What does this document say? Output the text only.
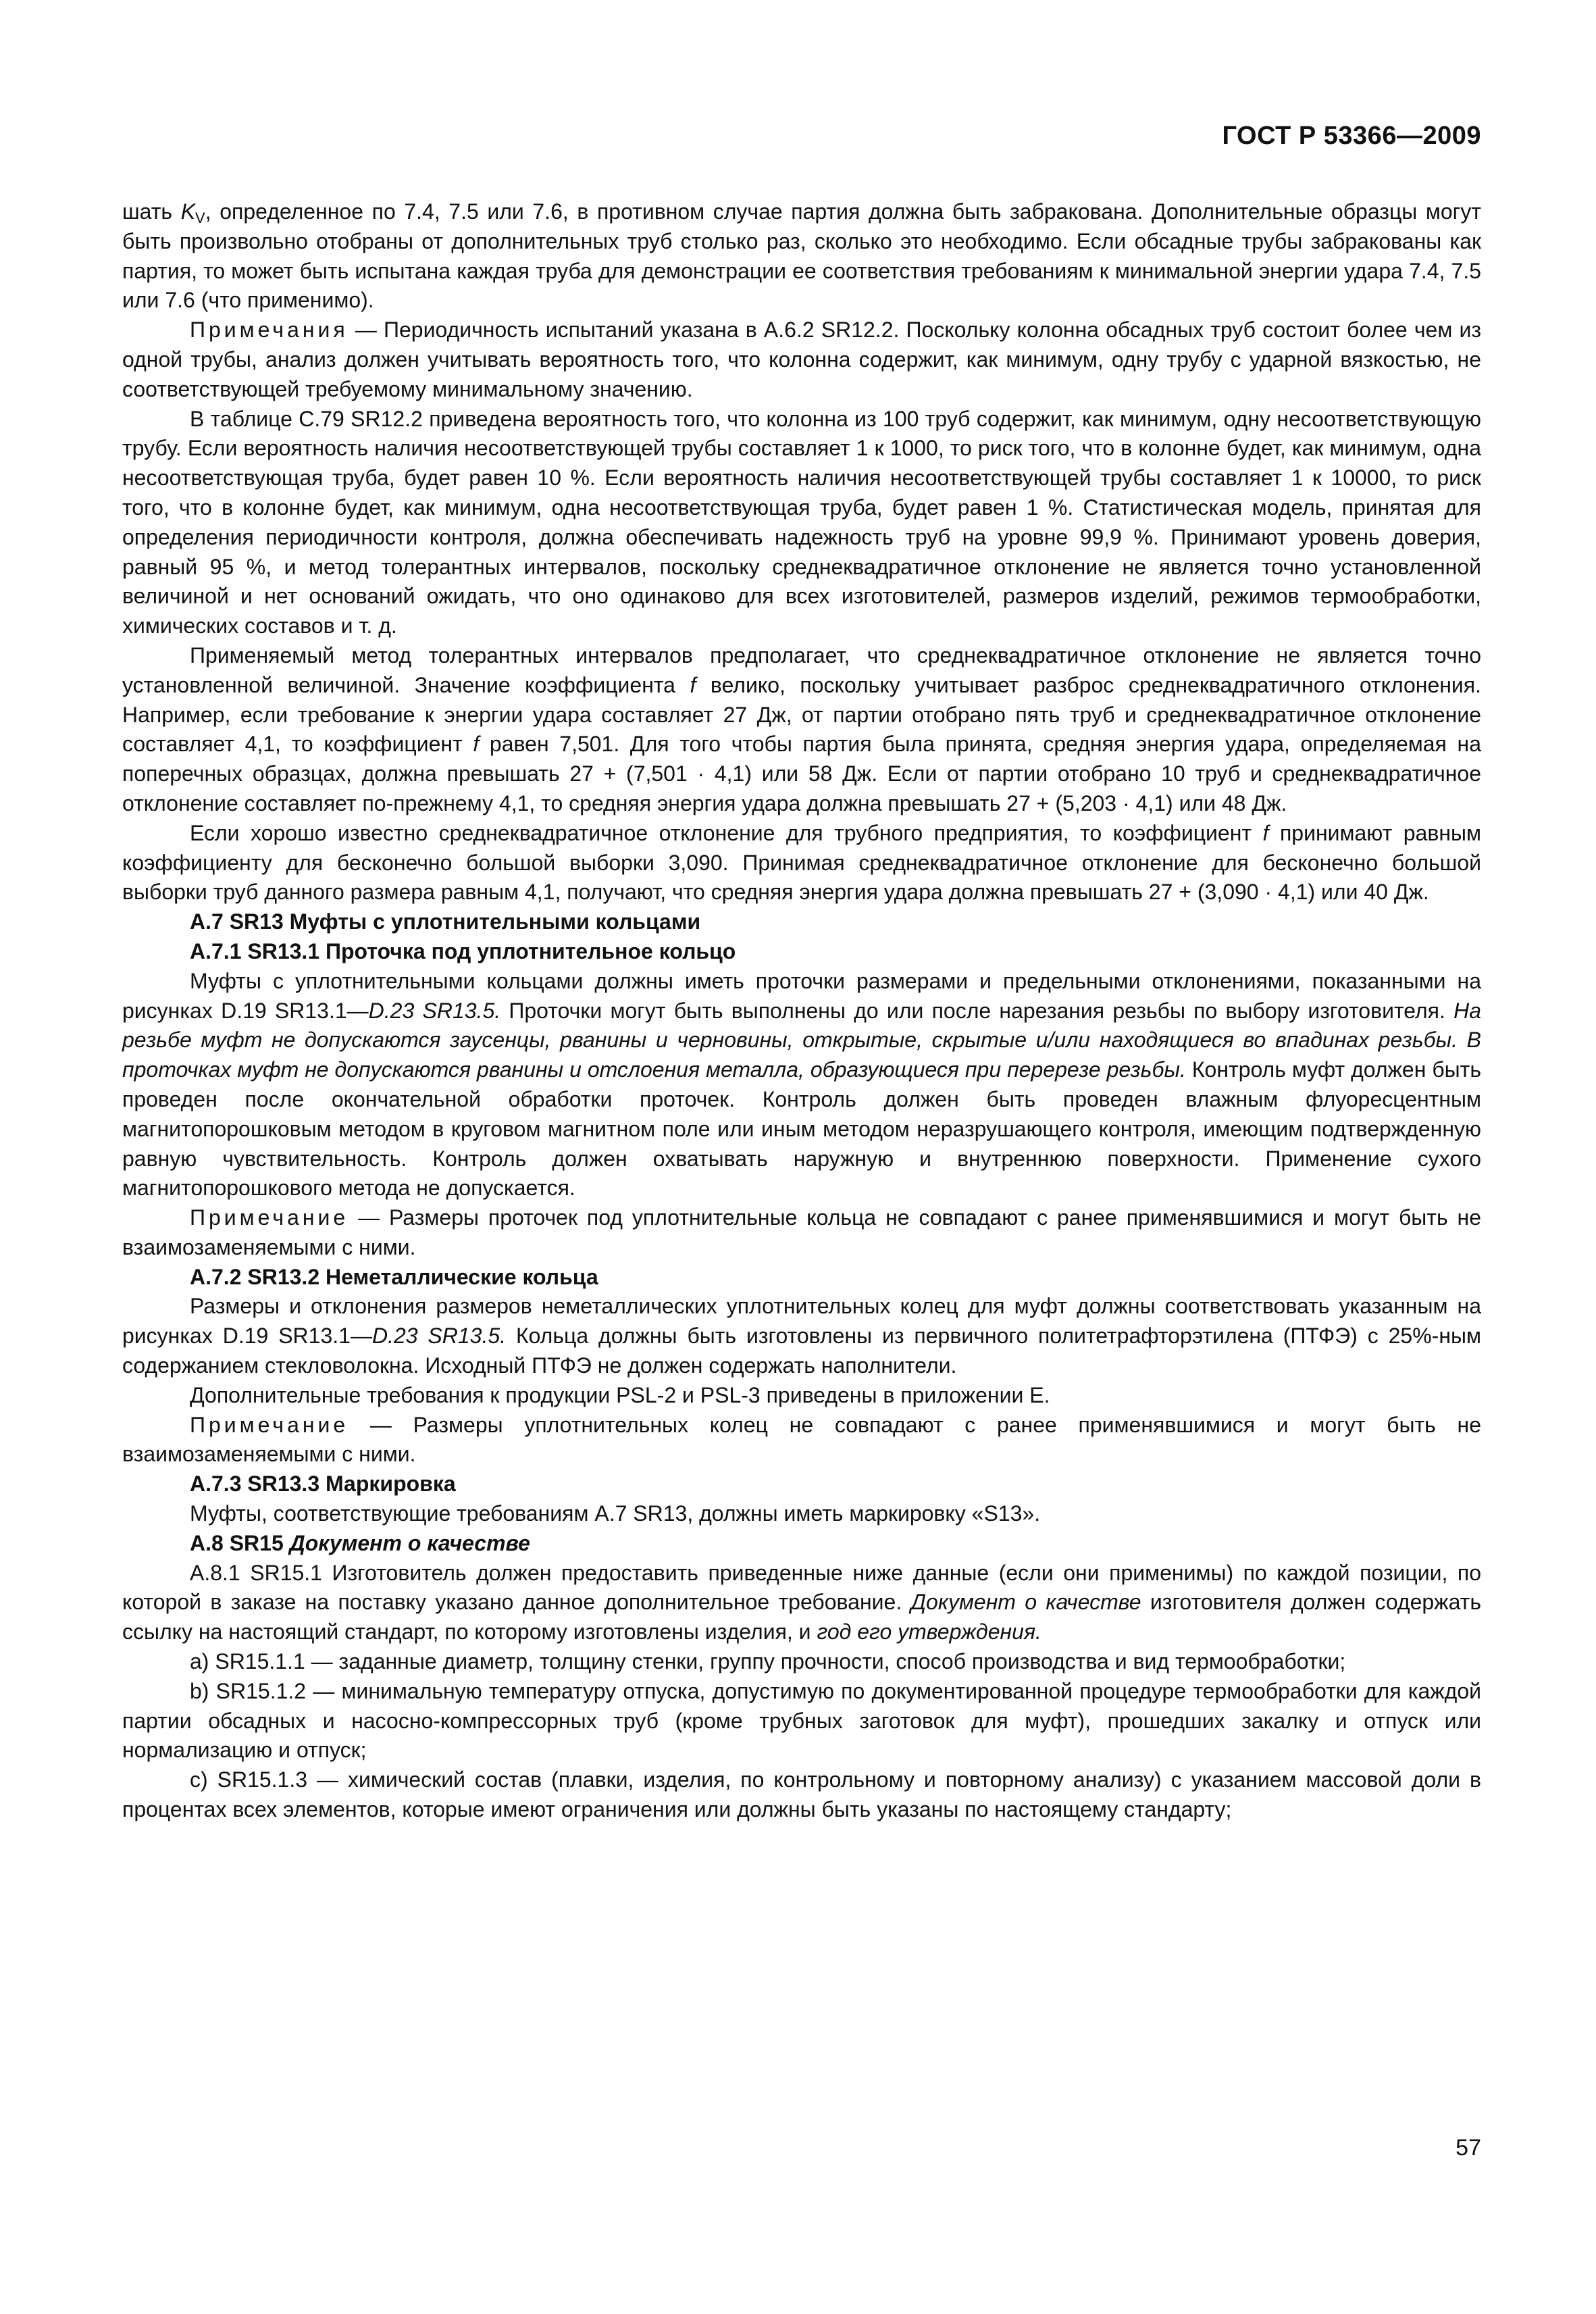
ГОСТ Р 53366—2009

шать $K_V$, определенное по 7.4, 7.5 или 7.6, в противном случае партия должна быть забракована. Дополнительные образцы могут быть произвольно отобраны от дополнительных труб столько раз, сколько это необходимо. Если обсадные трубы забракованы как партия, то может быть испытана каждая труба для демонстрации ее соответствия требованиям к минимальной энергии удара 7.4, 7.5 или 7.6 (что применимо).

Примечания — Периодичность испытаний указана в А.6.2 SR12.2. Поскольку колонна обсадных труб состоит более чем из одной трубы, анализ должен учитывать вероятность того, что колонна содержит, как минимум, одну трубу с ударной вязкостью, не соответствующей требуемому минимальному значению.

В таблице С.79 SR12.2 приведена вероятность того, что колонна из 100 труб содержит, как минимум, одну несоответствующую трубу. Если вероятность наличия несоответствующей трубы составляет 1 к 1000, то риск того, что в колонне будет, как минимум, одна несоответствующая труба, будет равен 10 %. Если вероятность наличия несоответствующей трубы составляет 1 к 10000, то риск того, что в колонне будет, как минимум, одна несоответствующая труба, будет равен 1 %. Статистическая модель, принятая для определения периодичности контроля, должна обеспечивать надежность труб на уровне 99,9 %. Принимают уровень доверия, равный 95 %, и метод толерантных интервалов, поскольку среднеквадратичное отклонение не является точно установленной величиной и нет оснований ожидать, что оно одинаково для всех изготовителей, размеров изделий, режимов термообработки, химических составов и т. д.

Применяемый метод толерантных интервалов предполагает, что среднеквадратичное отклонение не является точно установленной величиной. Значение коэффициента f велико, поскольку учитывает разброс среднеквадратичного отклонения. Например, если требование к энергии удара составляет 27 Дж, от партии отобрано пять труб и среднеквадратичное отклонение составляет 4,1, то коэффициент f равен 7,501. Для того чтобы партия была принята, средняя энергия удара, определяемая на поперечных образцах, должна превышать 27 + (7,501 · 4,1) или 58 Дж. Если от партии отобрано 10 труб и среднеквадратичное отклонение составляет по-прежнему 4,1, то средняя энергия удара должна превышать 27 + (5,203 · 4,1) или 48 Дж.

Если хорошо известно среднеквадратичное отклонение для трубного предприятия, то коэффициент f принимают равным коэффициенту для бесконечно большой выборки 3,090. Принимая среднеквадратичное отклонение для бесконечно большой выборки труб данного размера равным 4,1, получают, что средняя энергия удара должна превышать 27 + (3,090 · 4,1) или 40 Дж.

А.7 SR13 Муфты с уплотнительными кольцами

А.7.1 SR13.1 Проточка под уплотнительное кольцо

Муфты с уплотнительными кольцами должны иметь проточки размерами и предельными отклонениями, показанными на рисунках D.19 SR13.1—D.23 SR13.5. Проточки могут быть выполнены до или после нарезания резьбы по выбору изготовителя. На резьбе муфт не допускаются заусенцы, рванины и черновины, открытые, скрытые и/или находящиеся во впадинах резьбы. В проточках муфт не допускаются рванины и отслоения металла, образующиеся при перерезе резьбы. Контроль муфт должен быть проведен после окончательной обработки проточек. Контроль должен быть проведен влажным флуоресцентным магнитопорошковым методом в круговом магнитном поле или иным методом неразрушающего контроля, имеющим подтвержденную равную чувствительность. Контроль должен охватывать наружную и внутреннюю поверхности. Применение сухого магнитопорошкового метода не допускается.

Примечание — Размеры проточек под уплотнительные кольца не совпадают с ранее применявшимися и могут быть не взаимозаменяемыми с ними.

А.7.2 SR13.2 Неметаллические кольца

Размеры и отклонения размеров неметаллических уплотнительных колец для муфт должны соответствовать указанным на рисунках D.19 SR13.1—D.23 SR13.5. Кольца должны быть изготовлены из первичного политетрафторэтилена (ПТФЭ) с 25%-ным содержанием стекловолокна. Исходный ПТФЭ не должен содержать наполнители.

Дополнительные требования к продукции PSL-2 и PSL-3 приведены в приложении Е.

Примечание — Размеры уплотнительных колец не совпадают с ранее применявшимися и могут быть не взаимозаменяемыми с ними.

А.7.3 SR13.3 Маркировка

Муфты, соответствующие требованиям А.7 SR13, должны иметь маркировку «S13».

А.8 SR15 Документ о качестве

А.8.1 SR15.1 Изготовитель должен предоставить приведенные ниже данные (если они применимы) по каждой позиции, по которой в заказе на поставку указано данное дополнительное требование. Документ о качестве изготовителя должен содержать ссылку на настоящий стандарт, по которому изготовлены изделия, и год его утверждения.

a) SR15.1.1 — заданные диаметр, толщину стенки, группу прочности, способ производства и вид термообработки;

b) SR15.1.2 — минимальную температуру отпуска, допустимую по документированной процедуре термообработки для каждой партии обсадных и насосно-компрессорных труб (кроме трубных заготовок для муфт), прошедших закалку и отпуск или нормализацию и отпуск;

c) SR15.1.3 — химический состав (плавки, изделия, по контрольному и повторному анализу) с указанием массовой доли в процентах всех элементов, которые имеют ограничения или должны быть указаны по настоящему стандарту;

57
